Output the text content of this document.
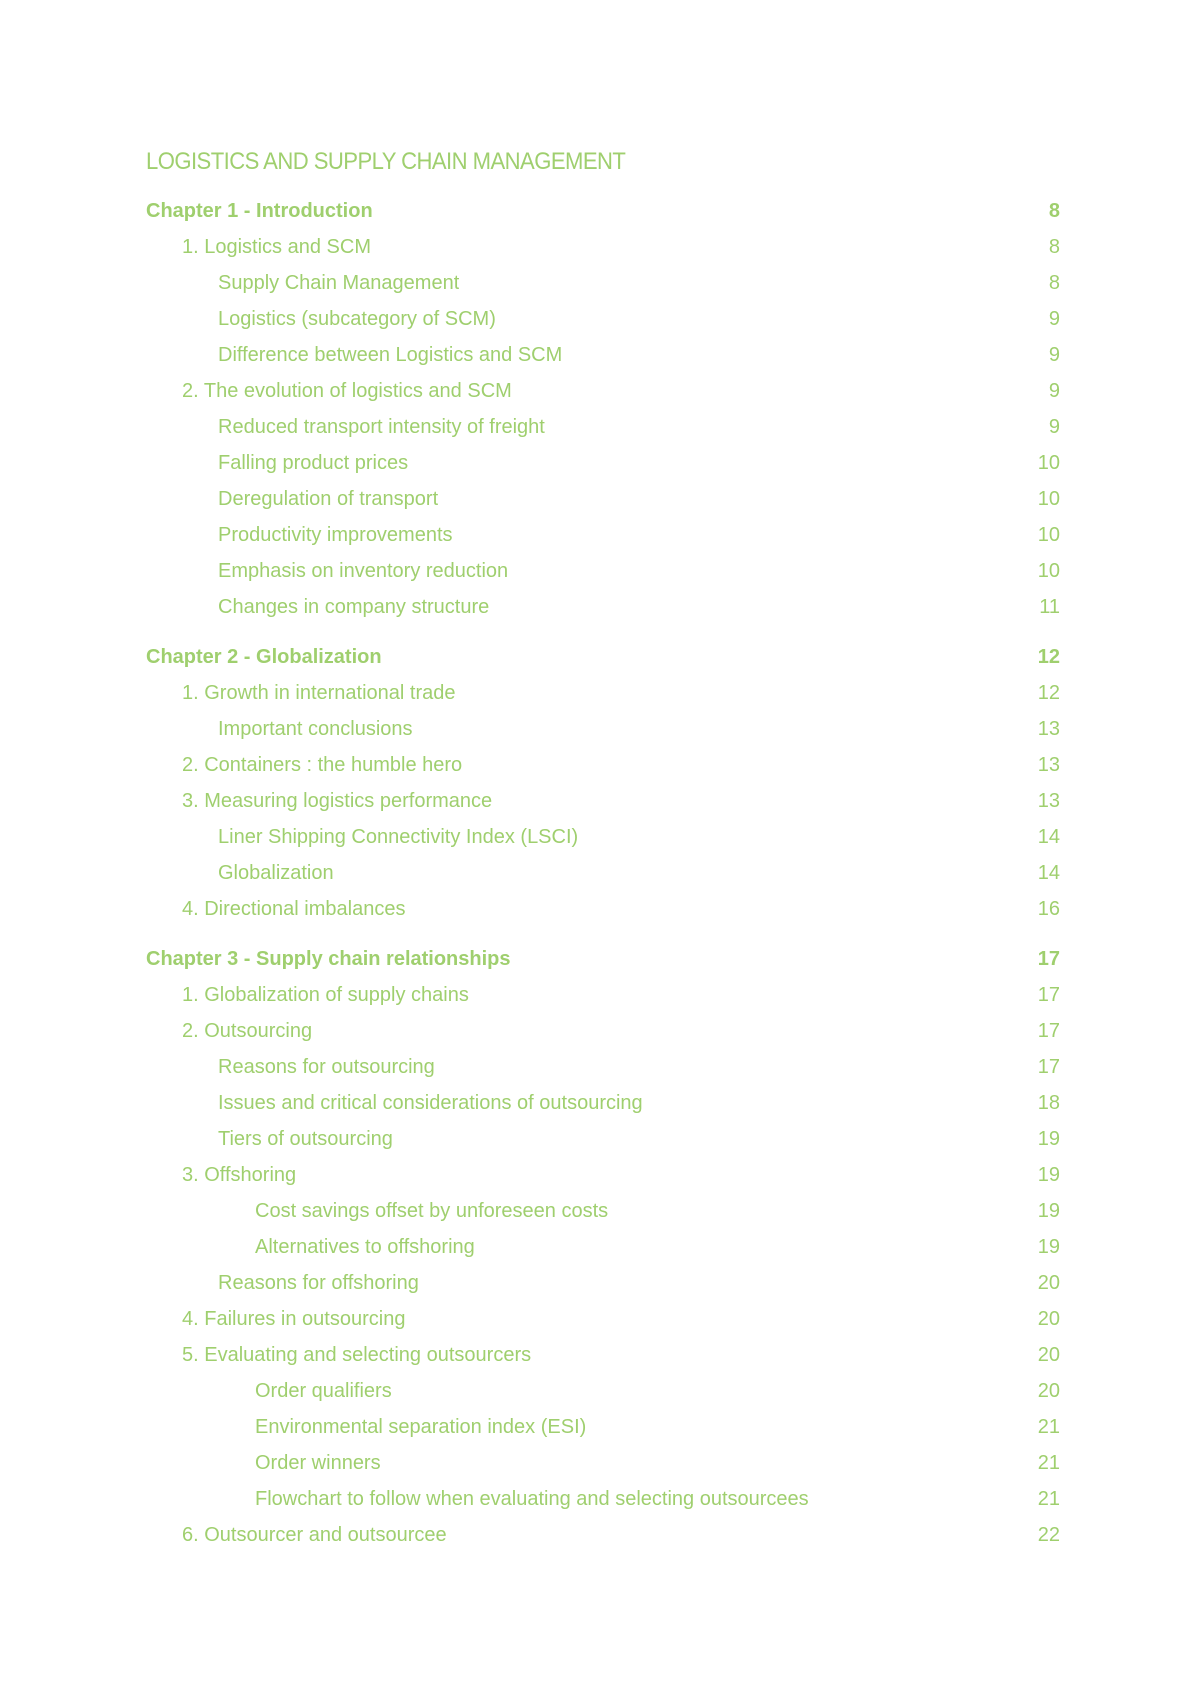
LOGISTICS AND SUPPLY CHAIN MANAGEMENT
Chapter 1 - Introduction	8
1. Logistics and SCM	8
Supply Chain Management	8
Logistics (subcategory of SCM)	9
Difference between Logistics and SCM	9
2. The evolution of logistics and SCM	9
Reduced transport intensity of freight	9
Falling product prices	10
Deregulation of transport	10
Productivity improvements	10
Emphasis on inventory reduction	10
Changes in company structure	11
Chapter 2 - Globalization	12
1. Growth in international trade	12
Important conclusions	13
2. Containers : the humble hero	13
3. Measuring logistics performance	13
Liner Shipping Connectivity Index (LSCI)	14
Globalization	14
4. Directional imbalances	16
Chapter 3 - Supply chain relationships	17
1. Globalization of supply chains	17
2. Outsourcing	17
Reasons for outsourcing	17
Issues and critical considerations of outsourcing	18
Tiers of outsourcing	19
3. Offshoring	19
Cost savings offset by unforeseen costs	19
Alternatives to offshoring	19
Reasons for offshoring	20
4. Failures in outsourcing	20
5. Evaluating and selecting outsourcers	20
Order qualifiers	20
Environmental separation index (ESI)	21
Order winners	21
Flowchart to follow when evaluating and selecting outsourcees	21
6. Outsourcer and outsourcee	22
